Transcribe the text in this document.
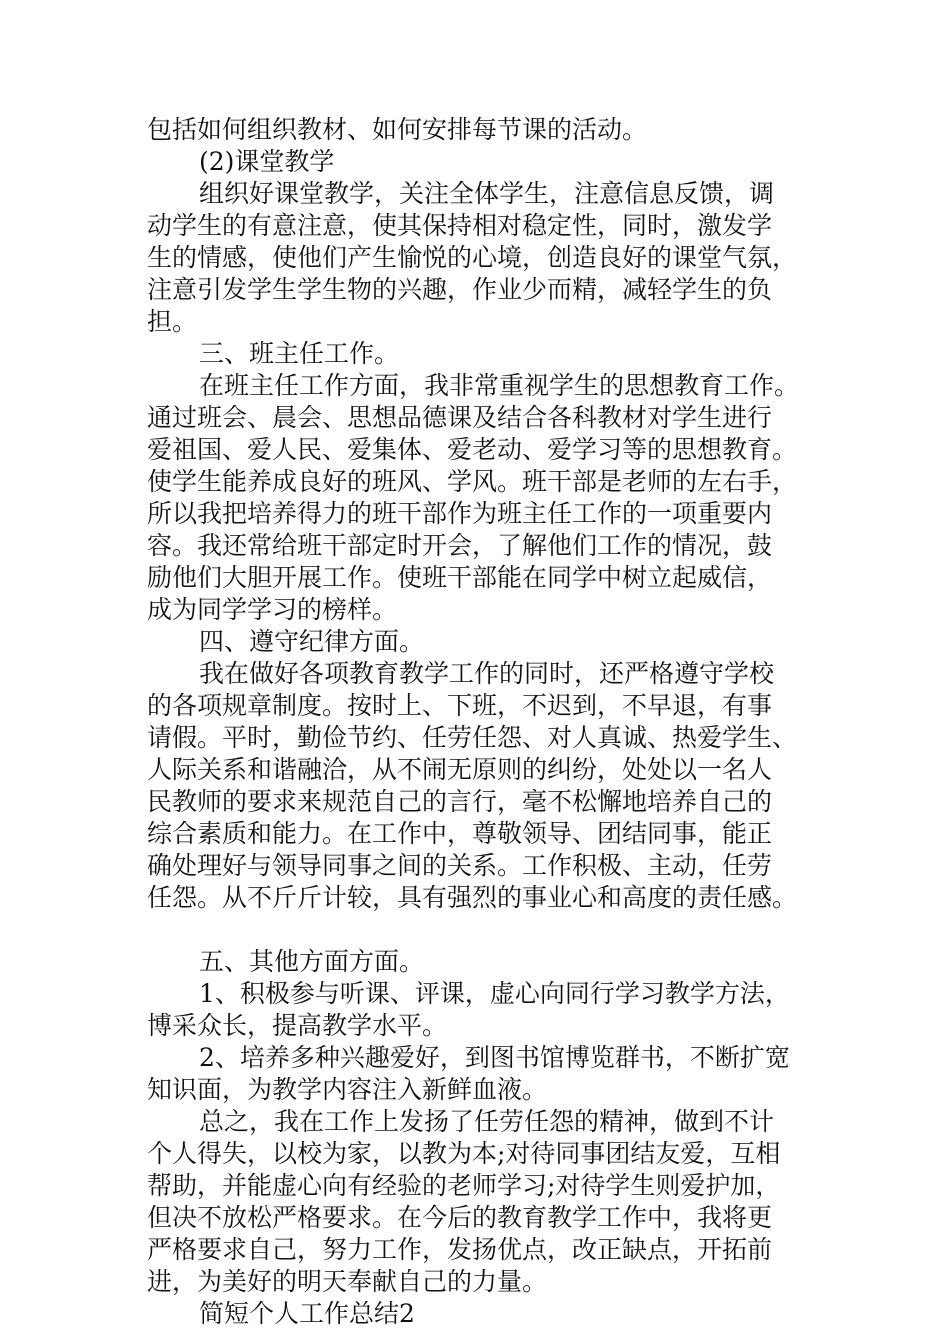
包括如何组织教材、如何安排每节课的活动。
(2)课堂教学
组织好课堂教学，关注全体学生，注意信息反馈，调
动学生的有意注意，使其保持相对稳定性，同时，激发学
生的情感，使他们产生愉悦的心境，创造良好的课堂气氛，
注意引发学生学生物的兴趣，作业少而精，减轻学生的负
担。
三、班主任工作。
在班主任工作方面，我非常重视学生的思想教育工作。
通过班会、晨会、思想品德课及结合各科教材对学生进行
爱祖国、爱人民、爱集体、爱老动、爱学习等的思想教育。
使学生能养成良好的班风、学风。班干部是老师的左右手，
所以我把培养得力的班干部作为班主任工作的一项重要内
容。我还常给班干部定时开会，了解他们工作的情况，鼓
励他们大胆开展工作。使班干部能在同学中树立起威信，
成为同学学习的榜样。
四、遵守纪律方面。
我在做好各项教育教学工作的同时，还严格遵守学校
的各项规章制度。按时上、下班，不迟到，不早退，有事
请假。平时，勤俭节约、任劳任怨、对人真诚、热爱学生、
人际关系和谐融洽，从不闹无原则的纠纷，处处以一名人
民教师的要求来规范自己的言行，毫不松懈地培养自己的
综合素质和能力。在工作中，尊敬领导、团结同事，能正
确处理好与领导同事之间的关系。工作积极、主动，任劳
任怨。从不斤斤计较，具有强烈的事业心和高度的责任感。
五、其他方面方面。
1、积极参与听课、评课，虚心向同行学习教学方法，
博采众长，提高教学水平。
2、培养多种兴趣爱好，到图书馆博览群书，不断扩宽
知识面，为教学内容注入新鲜血液。
总之，我在工作上发扬了任劳任怨的精神，做到不计
个人得失，以校为家，以教为本;对待同事团结友爱，互相
帮助，并能虚心向有经验的老师学习;对待学生则爱护加，
但决不放松严格要求。在今后的教育教学工作中，我将更
严格要求自己，努力工作，发扬优点，改正缺点，开拓前
进，为美好的明天奉献自己的力量。
简短个人工作总结2
